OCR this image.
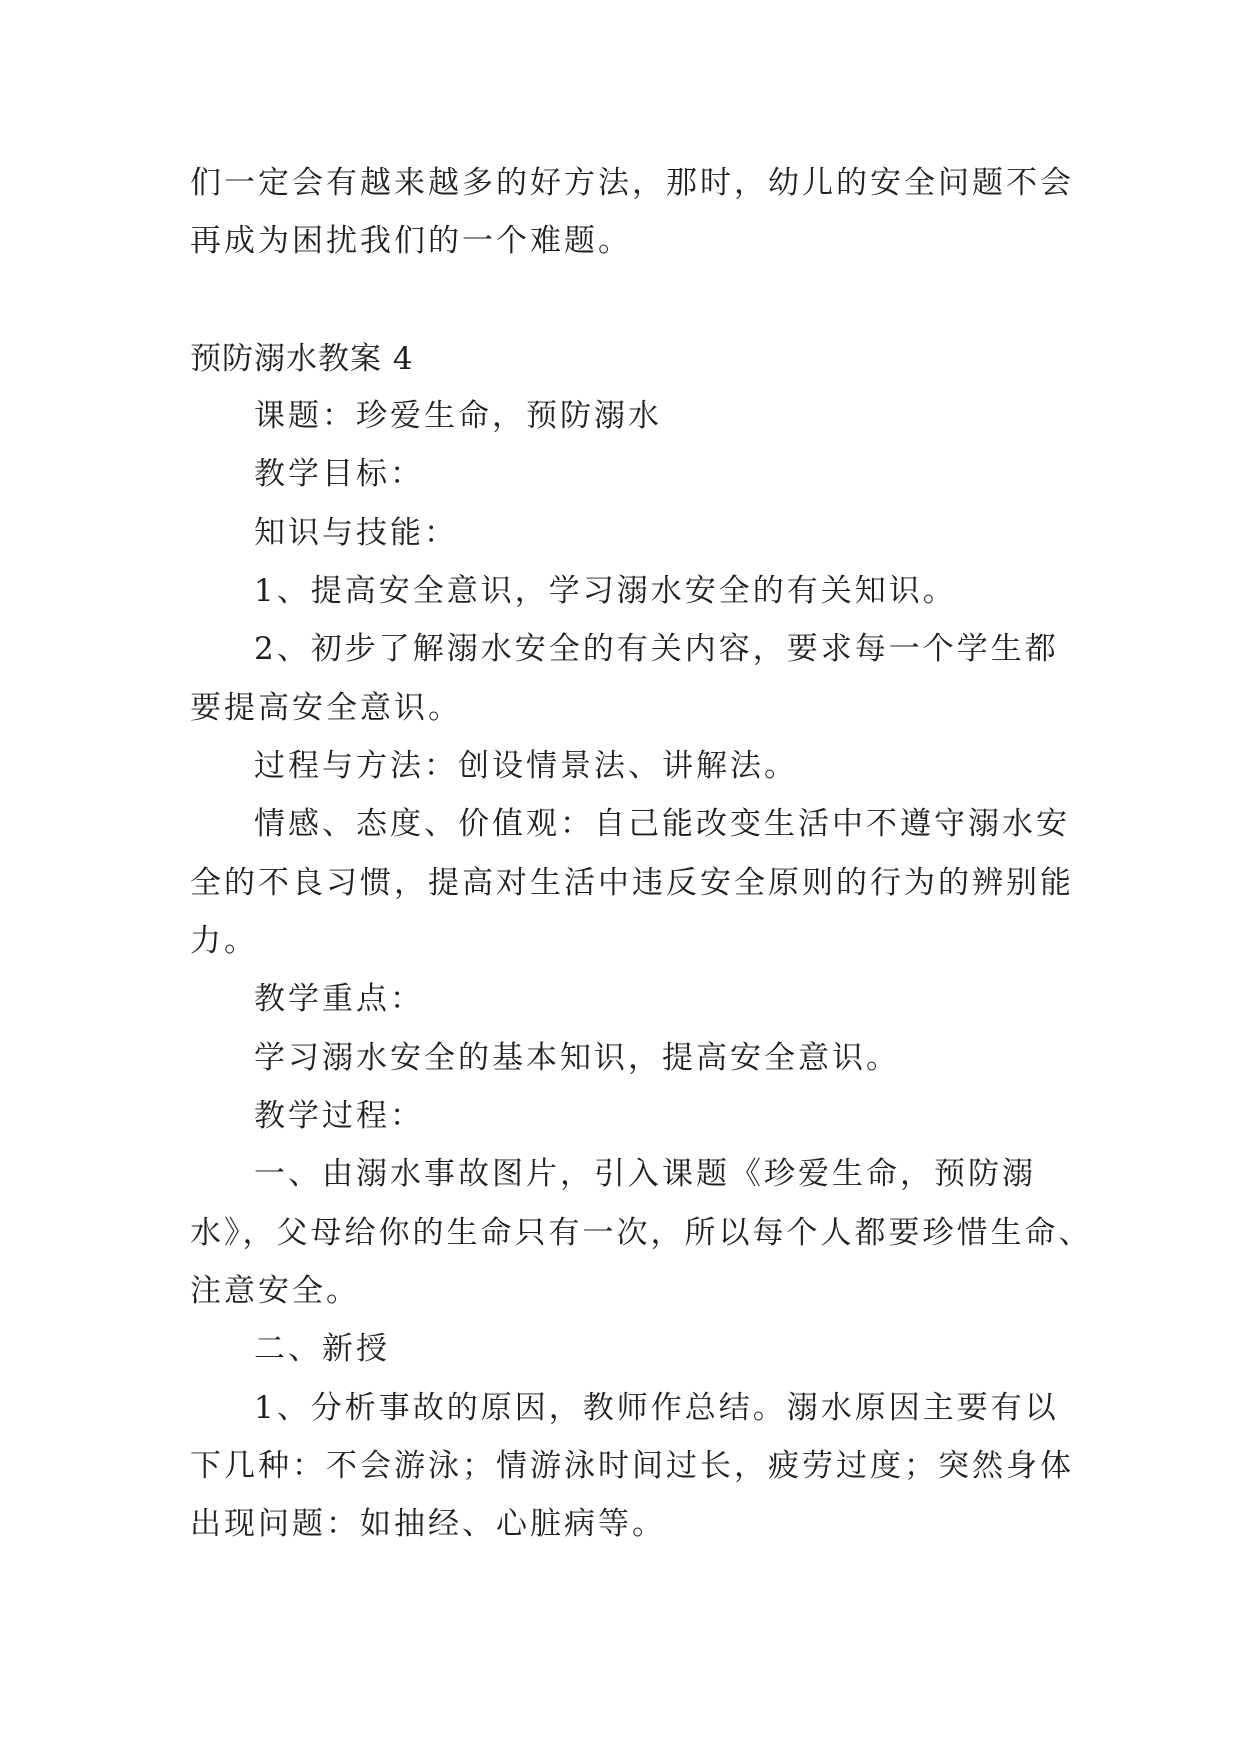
们一定会有越来越多的好方法，那时，幼儿的安全问题不会
再成为困扰我们的一个难题。
预防溺水教案 4
课题：珍爱生命，预防溺水
教学目标：
知识与技能：
1、提高安全意识，学习溺水安全的有关知识。
2、初步了解溺水安全的有关内容，要求每一个学生都
要提高安全意识。
过程与方法：创设情景法、讲解法。
情感、态度、价值观：自己能改变生活中不遵守溺水安
全的不良习惯，提高对生活中违反安全原则的行为的辨别能
力。
教学重点：
学习溺水安全的基本知识，提高安全意识。
教学过程：
一、由溺水事故图片，引入课题《珍爱生命，预防溺
水》，父母给你的生命只有一次，所以每个人都要珍惜生命、
注意安全。
二、新授
1、分析事故的原因，教师作总结。溺水原因主要有以
下几种：不会游泳；情游泳时间过长，疲劳过度；突然身体
出现问题：如抽经、心脏病等。
